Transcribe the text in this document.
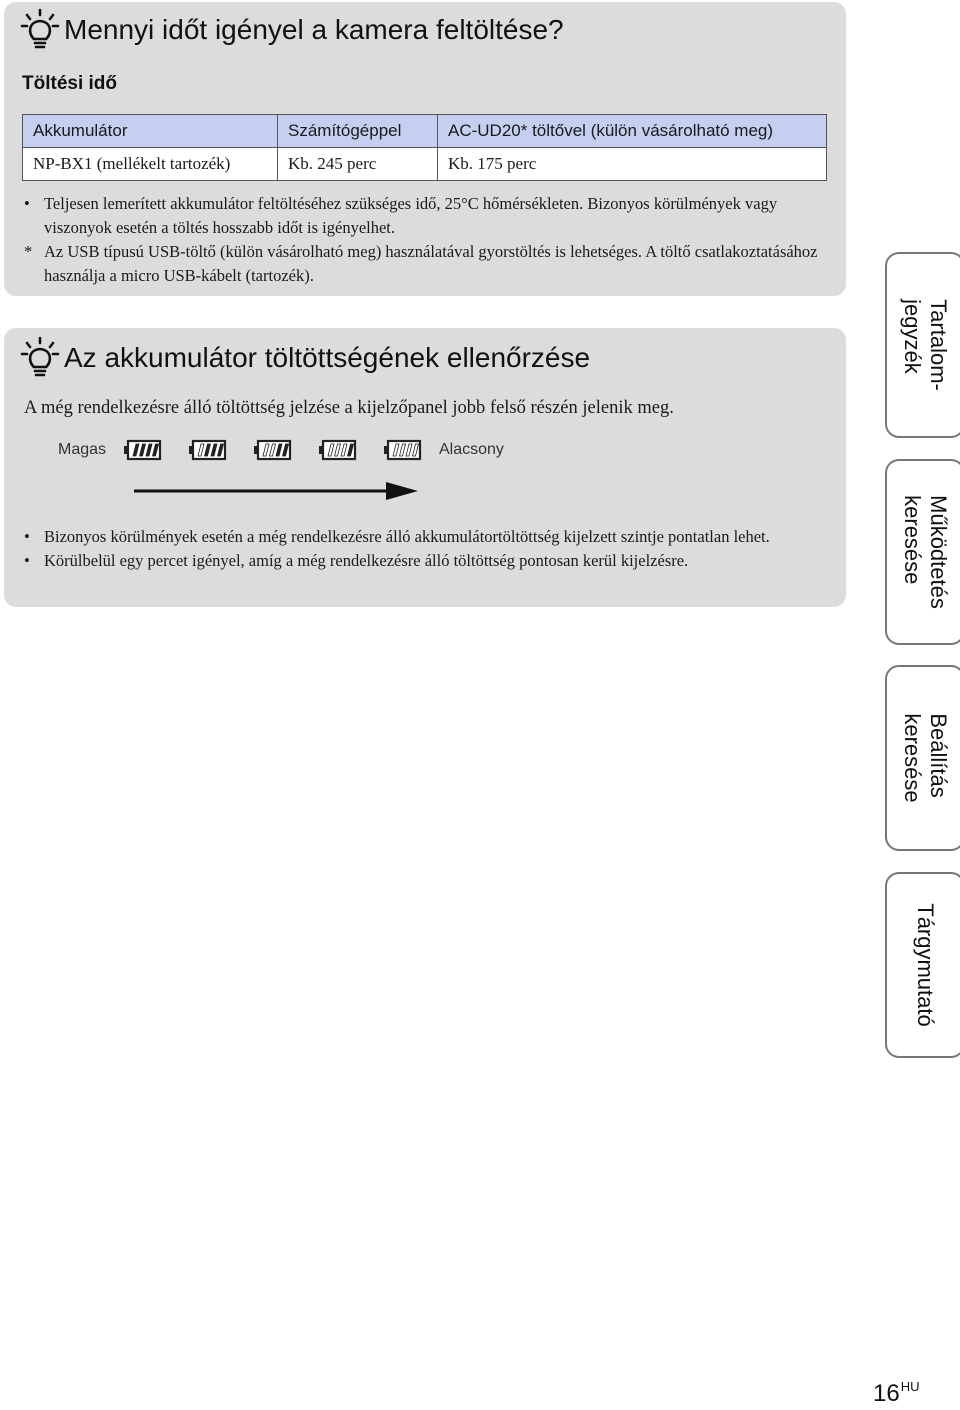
Mennyi időt igényel a kamera feltöltése?
Töltési idő
Akkumulátor	Számítógéppel	AC-UD20* töltővel (külön vásárolható meg)
NP-BX1 (mellékelt tartozék)	Kb. 245 perc	Kb. 175 perc
• Teljesen lemerített akkumulátor feltöltéséhez szükséges idő, 25°C hőmérsékleten. Bizonyos körülmények vagy viszonyok esetén a töltés hosszabb időt is igényelhet.
* Az USB típusú USB-töltő (külön vásárolható meg) használatával gyorstöltés is lehetséges. A töltő csatlakoztatásához használja a micro USB-kábelt (tartozék).
Az akkumulátor töltöttségének ellenőrzése
A még rendelkezésre álló töltöttség jelzése a kijelzőpanel jobb felső részén jelenik meg.
Magas	Alacsony
• Bizonyos körülmények esetén a még rendelkezésre álló akkumulátortöltöttség kijelzett szintje pontatlan lehet.
• Körülbelül egy percet igényel, amíg a még rendelkezésre álló töltöttség pontosan kerül kijelzésre.
Tartalom-
jegyzék
Működtetés
keresése
Beállítás
keresése
Tárgymutató
$16^{HU}$
